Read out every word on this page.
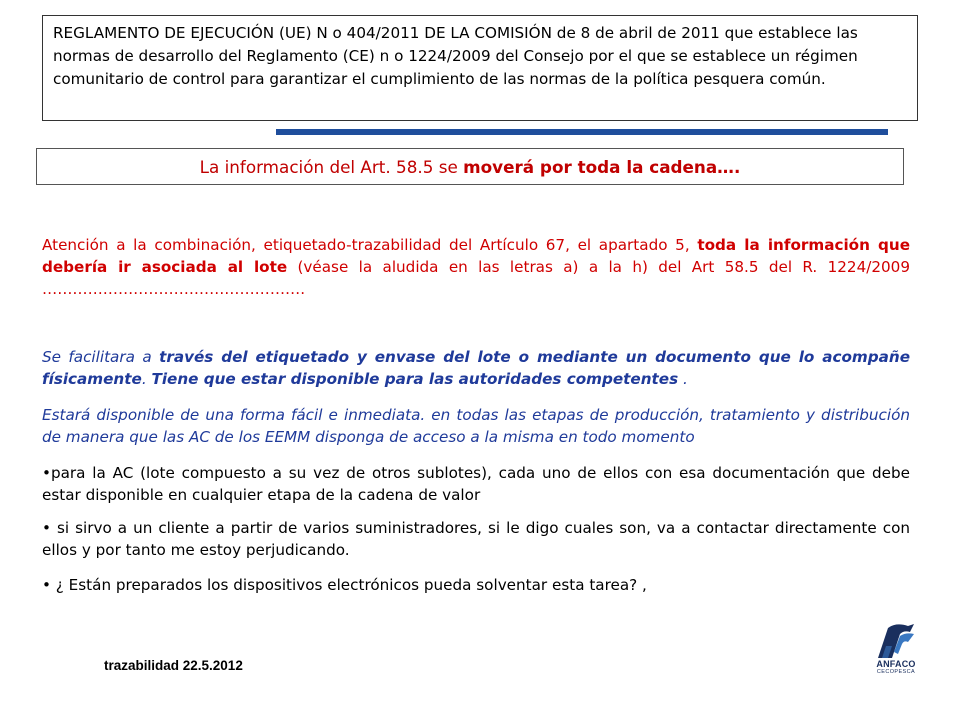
REGLAMENTO DE EJECUCIÓN (UE) N o 404/2011 DE LA COMISIÓN de 8 de abril de 2011 que establece las normas de desarrollo del Reglamento (CE) n o 1224/2009 del Consejo por el que se establece un régimen comunitario de control para garantizar el cumplimiento de las normas de la política pesquera común.
La información del Art. 58.5 se moverá por toda la cadena….
Atención a la combinación, etiquetado-trazabilidad del Artículo 67, el apartado 5, toda la información que debería ir asociada al lote (véase la aludida en las letras a) a la h) del Art 58.5 del R. 1224/2009 …………………………………………….
Se facilitara a través del etiquetado y envase del lote o mediante un documento que lo acompañe físicamente. Tiene que estar disponible para las autoridades competentes .
Estará disponible de una forma fácil e inmediata. en todas las etapas de producción, tratamiento y distribución de manera que las AC de los EEMM disponga de acceso a la misma en todo momento
•para la AC (lote compuesto a su vez de otros sublotes), cada uno de ellos con esa documentación que debe estar disponible en cualquier etapa de la cadena de valor
• si sirvo a un cliente a partir de varios suministradores, si le digo cuales son, va a contactar directamente con ellos y por tanto me estoy perjudicando.
• ¿ Están preparados los dispositivos electrónicos pueda solventar esta tarea? ,
trazabilidad 22.5.2012	ANFACO
CECOPESCA
